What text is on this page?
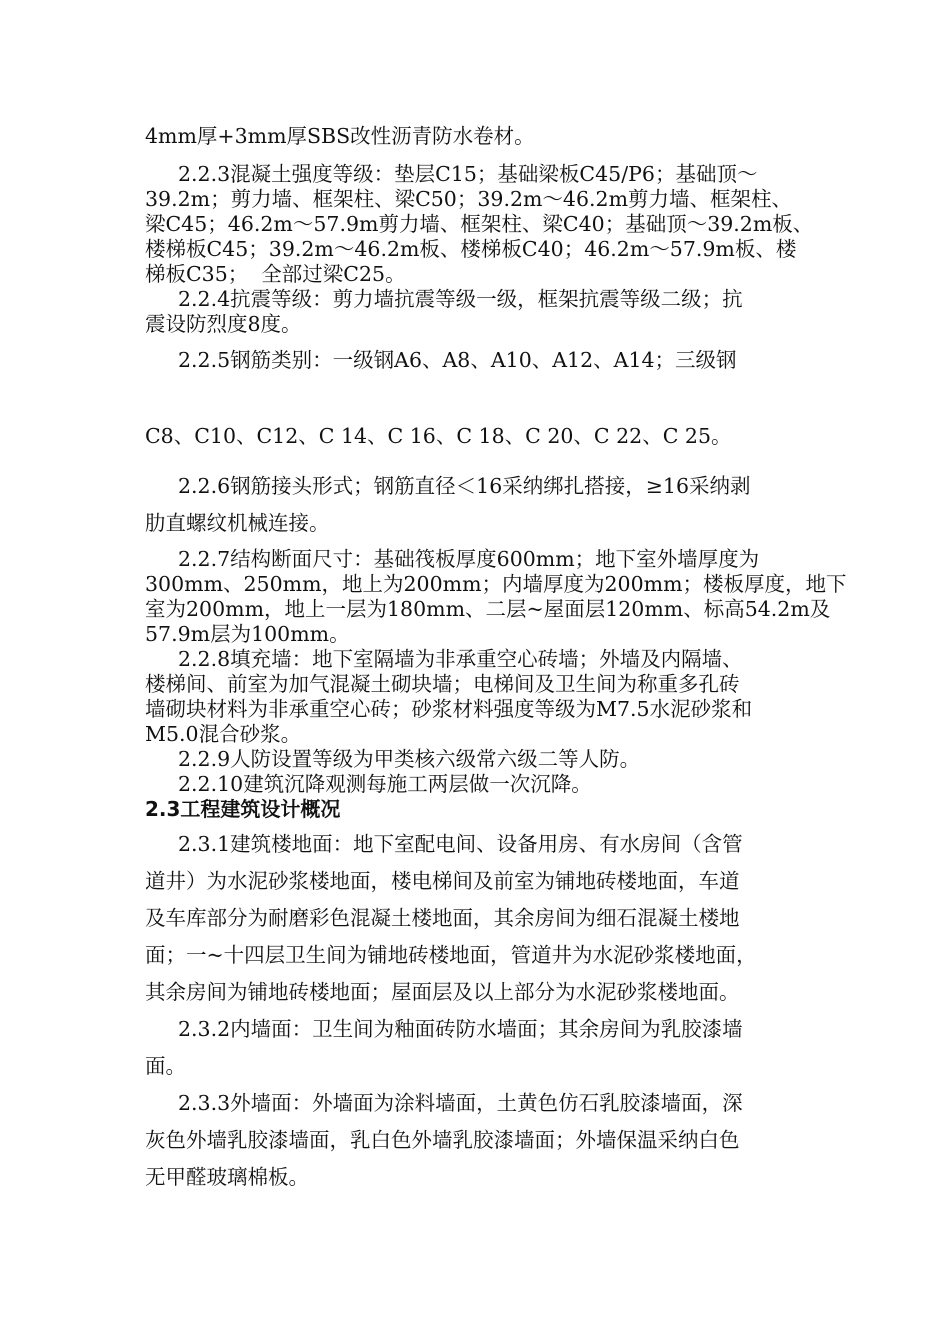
4mm厚+3mm厚SBS改性沥青防水卷材。
2.2.3混凝土强度等级：垫层C15；基础梁板C45/P6；基础顶～
39.2m；剪力墙、框架柱、梁C50；39.2m～46.2m剪力墙、框架柱、
梁C45；46.2m～57.9m剪力墙、框架柱、梁C40；基础顶～39.2m板、
楼梯板C45；39.2m～46.2m板、楼梯板C40；46.2m～57.9m板、楼
梯板C35；  全部过梁C25。
2.2.4抗震等级：剪力墙抗震等级一级，框架抗震等级二级；抗
震设防烈度8度。
2.2.5钢筋类别：一级钢A6、A8、A10、A12、A14；三级钢
C8、C10、C12、C 14、C 16、C 18、C 20、C 22、C 25。
2.2.6钢筋接头形式；钢筋直径＜16采纳绑扎搭接，≥16采纳剥
肋直螺纹机械连接。
2.2.7结构断面尺寸：基础筏板厚度600mm；地下室外墙厚度为
300mm、250mm，地上为200mm；内墙厚度为200mm；楼板厚度，地下
室为200mm，地上一层为180mm、二层~屋面层120mm、标高54.2m及
57.9m层为100mm。
2.2.8填充墙：地下室隔墙为非承重空心砖墙；外墙及内隔墙、
楼梯间、前室为加气混凝土砌块墙；电梯间及卫生间为称重多孔砖
墙砌块材料为非承重空心砖；砂浆材料强度等级为M7.5水泥砂浆和
M5.0混合砂浆。
2.2.9人防设置等级为甲类核六级常六级二等人防。
2.2.10建筑沉降观测每施工两层做一次沉降。
2.3工程建筑设计概况
2.3.1建筑楼地面：地下室配电间、设备用房、有水房间（含管
道井）为水泥砂浆楼地面，楼电梯间及前室为铺地砖楼地面，车道
及车库部分为耐磨彩色混凝土楼地面，其余房间为细石混凝土楼地
面；一~十四层卫生间为铺地砖楼地面，管道井为水泥砂浆楼地面，
其余房间为铺地砖楼地面；屋面层及以上部分为水泥砂浆楼地面。
2.3.2内墙面：卫生间为釉面砖防水墙面；其余房间为乳胶漆墙
面。
2.3.3外墙面：外墙面为涂料墙面，土黄色仿石乳胶漆墙面，深
灰色外墙乳胶漆墙面，乳白色外墙乳胶漆墙面；外墙保温采纳白色
无甲醛玻璃棉板。
